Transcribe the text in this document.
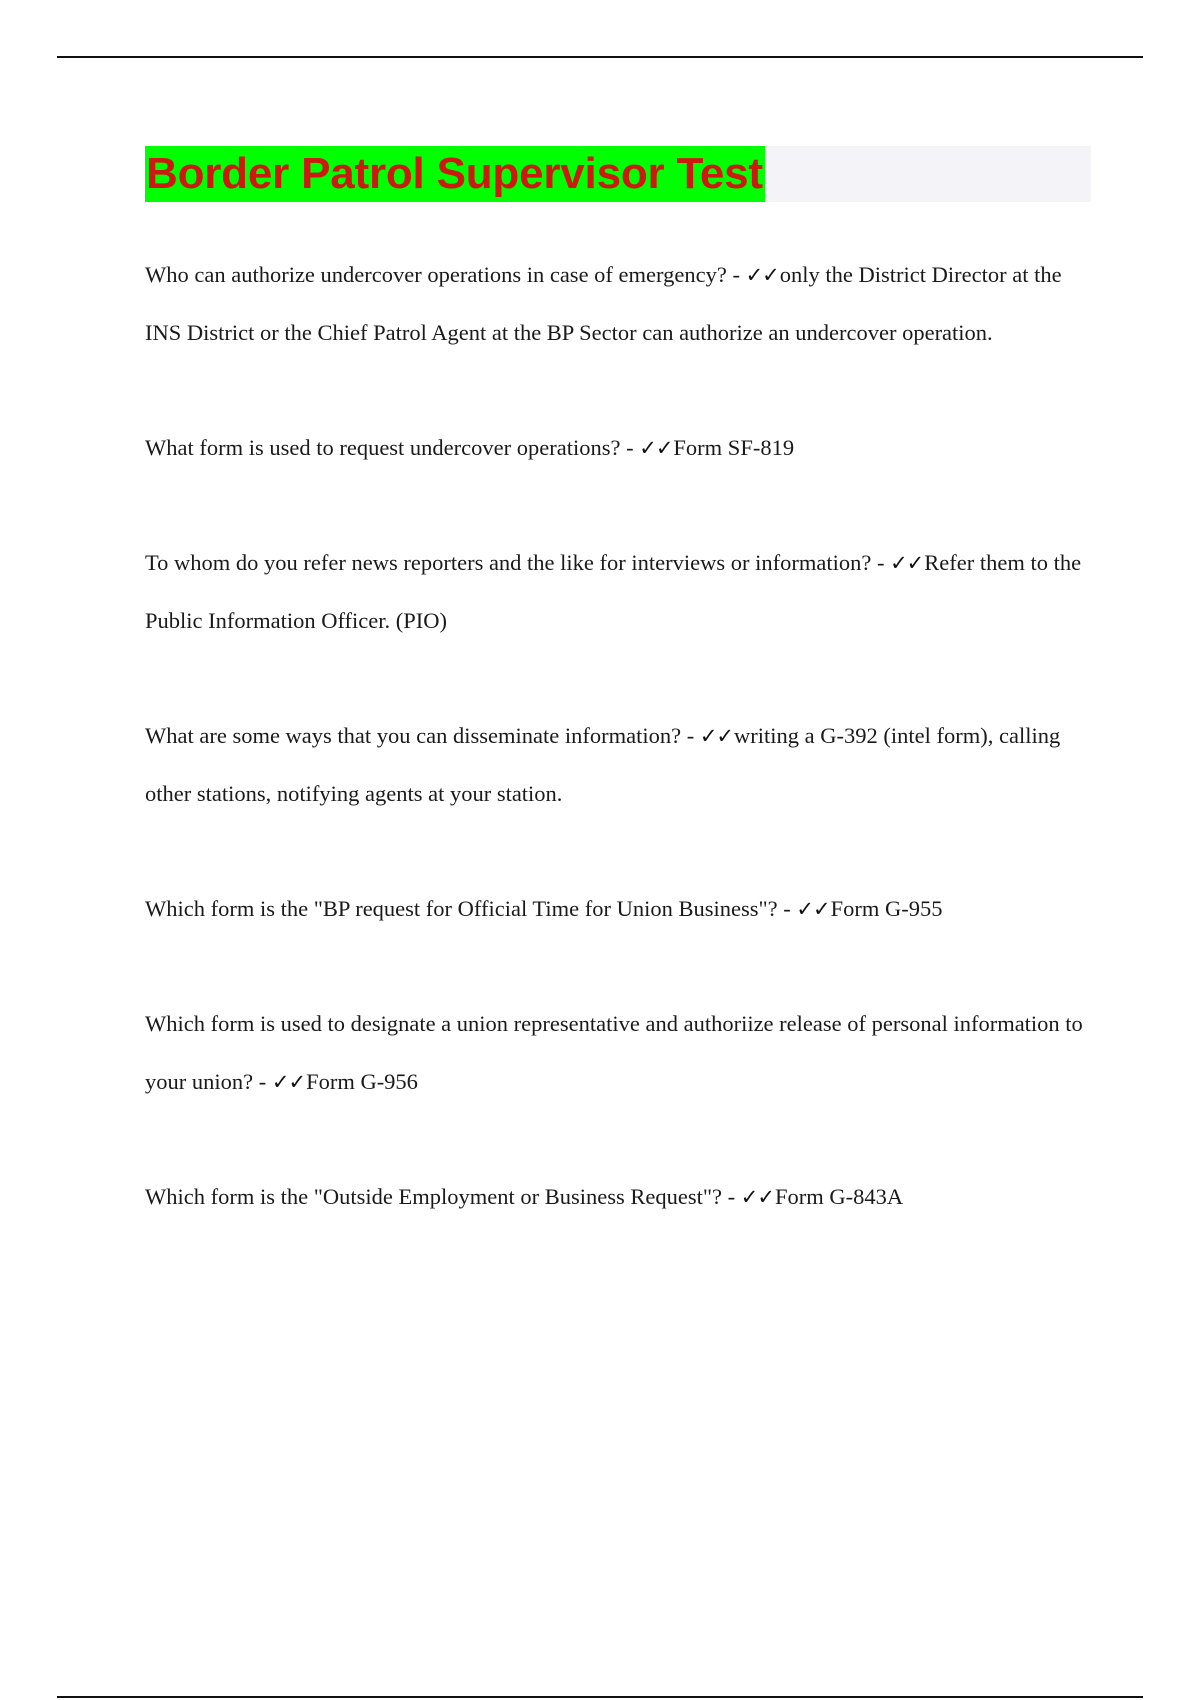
Border Patrol Supervisor Test

Who can authorize undercover operations in case of emergency? - ✓✓only the District Director at the INS District or the Chief Patrol Agent at the BP Sector can authorize an undercover operation.

What form is used to request undercover operations? - ✓✓Form SF-819

To whom do you refer news reporters and the like for interviews or information? - ✓✓Refer them to the Public Information Officer. (PIO)

What are some ways that you can disseminate information? - ✓✓writing a G-392 (intel form), calling other stations, notifying agents at your station.

Which form is the "BP request for Official Time for Union Business"? - ✓✓Form G-955

Which form is used to designate a union representative and authoriize release of personal information to your union? - ✓✓Form G-956

Which form is the "Outside Employment or Business Request"? - ✓✓Form G-843A
